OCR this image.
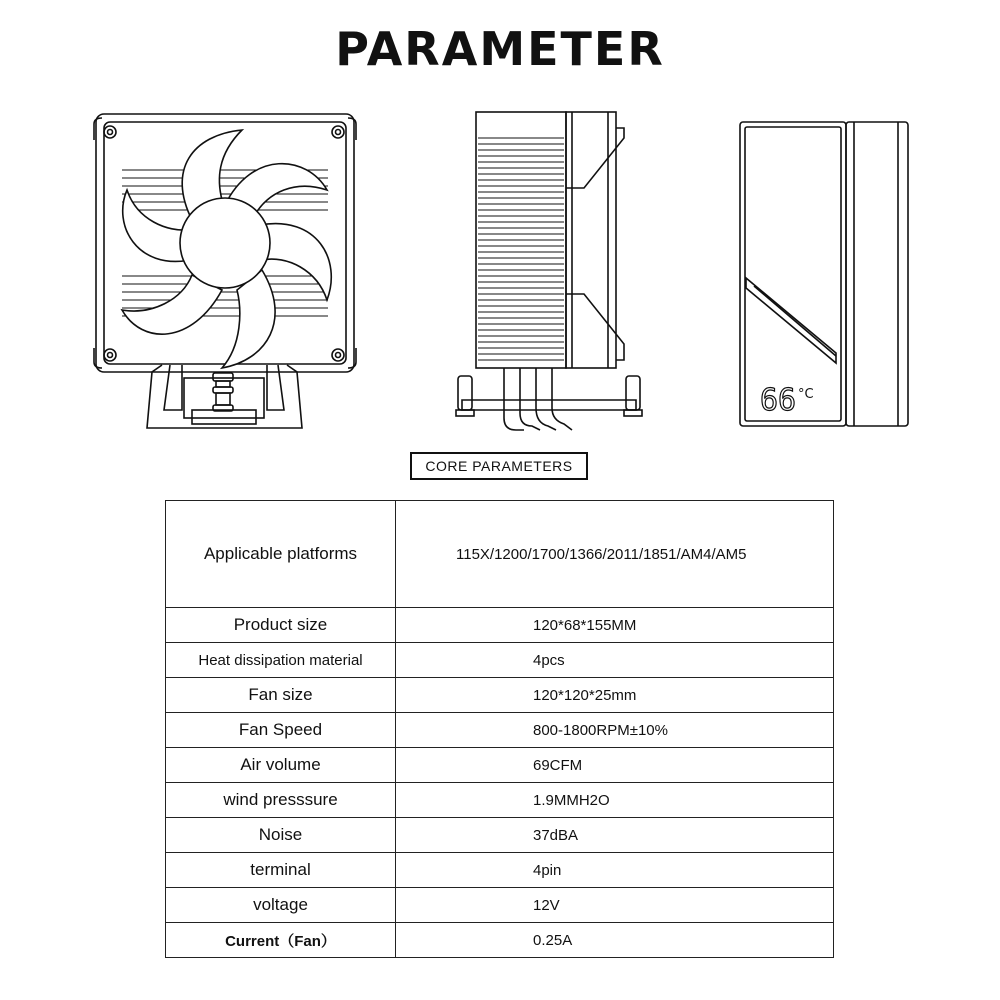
PARAMETER
66 °C
CORE PARAMETERS
Applicable platforms	115X/1200/1700/1366/2011/1851/AM4/AM5
Product size	120*68*155MM
Heat dissipation material	4pcs
Fan size	120*120*25mm
Fan Speed	800-1800RPM±10%
Air volume	69CFM
wind presssure	1.9MMH2O
Noise	37dBA
terminal	4pin
voltage	12V
Current（Fan）	0.25A
